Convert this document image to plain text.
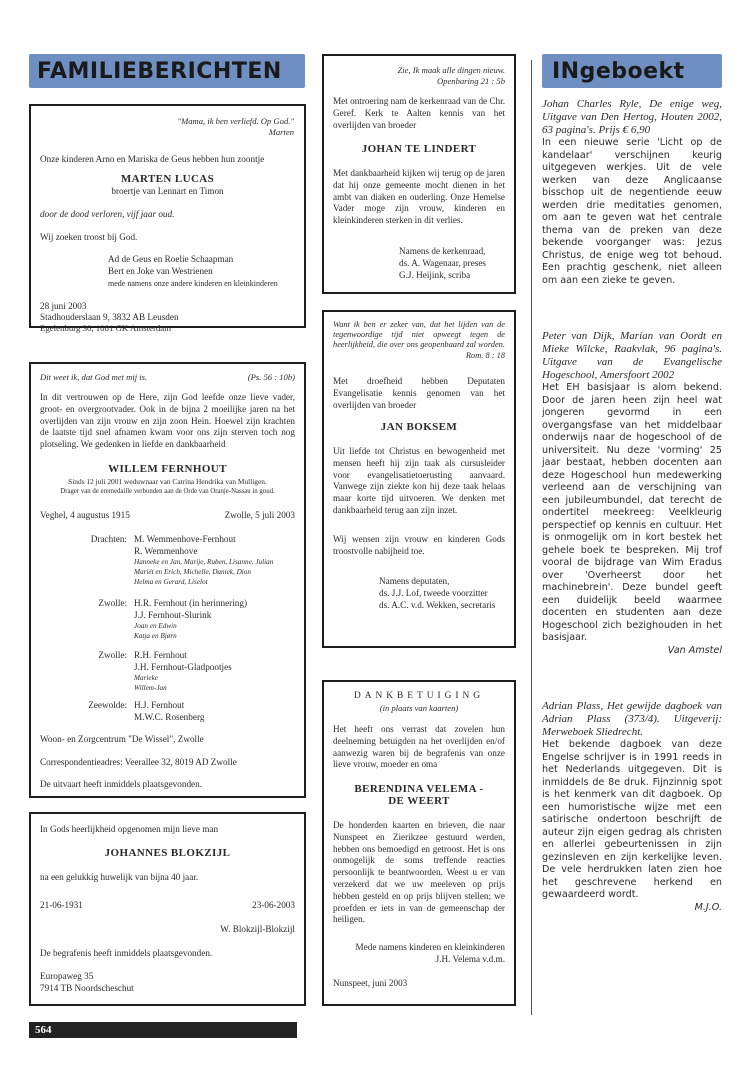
FAMILIEBERICHTEN	INgeboekt
"Mama, ik ben verliefd. Op God."
Marten
Onze kinderen Arno en Mariska de Geus hebben hun zoontje
MARTEN LUCAS
broertje van Lennart en Timon
door de dood verloren, vijf jaar oud.
Wij zoeken troost bij God.
Ad de Geus en Roelie Schaapman
Bert en Joke van Westrienen
mede namens onze andere kinderen en kleinkinderen
28 juni 2003
Stadhouderslaan 9, 3832 AB Leusden
Egelenburg 30, 1081 GK Amsterdam
Dit weet ik, dat God met mij is.	(Ps. 56 : 10b)
In dit vertrouwen op de Here, zijn God leefde onze lieve vader, groot- en overgrootvader. Ook in de bijna 2 moeilijke jaren na het overlijden van zijn vrouw en zijn zoon Hein. Hoewel zijn krachten de laatste tijd snel afnamen kwam voor ons zijn sterven toch nog plotseling. We gedenken in liefde en dankbaarheid
WILLEM FERNHOUT
Sinds 12 juli 2001 weduwnaar van Catrina Hendrika van Mulligen.
Drager van de eremedaille verbonden aan de Orde van Oranje-Nassau in goud.
Veghel, 4 augustus 1915	Zwolle, 5 juli 2003
Drachten: M. Wemmenhove-Fernhout
R. Wemmenhove
Hanneke en Jan, Marije, Ruben, Lisanne, Julian
Mariët en Erich, Michelle, Daniek, Dion
Helma en Gerard, Liselot
Zwolle: H.R. Fernhout (in herinnering)
J.J. Fernhout-Slurink
Joan en Edwin
Katja en Bjørn
Zwolle: R.H. Fernhout
J.H. Fernhout-Gladpootjes
Marieke
Willem-Jan
Zeewolde: H.J. Fernhout
M.W.C. Rosenberg
Woon- en Zorgcentrum "De Wissel", Zwolle
Correspondentieadres: Veerallee 32, 8019 AD Zwolle
De uitvaart heeft inmiddels plaatsgevonden.
In Gods heerlijkheid opgenomen mijn lieve man
JOHANNES BLOKZIJL
na een gelukkig huwelijk van bijna 40 jaar.
21-06-1931	23-06-2003
W. Blokzijl-Blokzijl
De begrafenis heeft inmiddels plaatsgevonden.
Europaweg 35
7914 TB Noordscheschut
Zie, Ik maak alle dingen nieuw.
Openbaring 21 : 5b
Met ontroering nam de kerkenraad van de Chr. Geref. Kerk te Aalten kennis van het overlijden van broeder
JOHAN TE LINDERT
Met dankbaarheid kijken wij terug op de jaren dat hij onze gemeente mocht dienen in het ambt van diaken en ouderling. Onze Hemelse Vader moge zijn vrouw, kinderen en kleinkinderen sterken in dit verlies.
Namens de kerkenraad,
ds. A. Wagenaar, preses
G.J. Heijink, scriba
Want ik ben er zeker van, dat het lijden van de tegenwoordige tijd niet opweegt tegen de heerlijkheid, die over ons geopenbaard zal worden.
Rom. 8 : 18
Met droefheid hebben Deputaten Evangelisatie kennis genomen van het overlijden van broeder
JAN BOKSEM
Uit liefde tot Christus en bewogenheid met mensen heeft hij zijn taak als cursusleider voor evangelisatietoerusting aanvaard. Vanwege zijn ziekte kon hij deze taak helaas maar korte tijd uitvoeren. We denken met dankbaarheid terug aan zijn inzet.
Wij wensen zijn vrouw en kinderen Gods troostvolle nabijheid toe.
Namens deputaten,
ds. J.J. Lof, tweede voorzitter
ds. A.C. v.d. Wekken, secretaris
DANKBETUIGING
(in plaats van kaarten)
Het heeft ons verrast dat zovelen hun deelneming betuigden na het overlijden en/of aanwezig waren bij de begrafenis van onze lieve vrouw, moeder en oma
BERENDINA VELEMA -
DE WEERT
De honderden kaarten en brieven, die naar Nunspeet en Zierikzee gestuurd werden, hebben ons bemoedigd en getroost. Het is ons onmogelijk de soms treffende reacties persoonlijk te beantwoorden. Weest u er van verzekerd dat we uw meeleven op prijs hebben gesteld en op prijs blijven stellen; we proefden er iets in van de gemeenschap der heiligen.
Mede namens kinderen en kleinkinderen
J.H. Velema v.d.m.
Nunspeet, juni 2003
Johan Charles Ryle, De enige weg, Uitgave van Den Hertog, Houten 2002, 63 pagina's. Prijs € 6,90
In een nieuwe serie 'Licht op de kandelaar' verschijnen keurig uitgegeven werkjes. Uit de vele werken van deze Anglicaanse bisschop uit de negentiende eeuw werden drie meditaties genomen, om aan te geven wat het centrale thema van de preken van deze bekende voorganger was: Jezus Christus, de enige weg tot behoud. Een prachtig geschenk, niet alleen om aan een zieke te geven.
Peter van Dijk, Marian van Oordt en Mieke Wilcke, Raakvlak, 96 pagina's. Uitgave van de Evangelische Hogeschool, Amersfoort 2002
Het EH basisjaar is alom bekend. Door de jaren heen zijn heel wat jongeren gevormd in een overgangsfase van het middelbaar onderwijs naar de hogeschool of de universiteit. Nu deze 'vorming' 25 jaar bestaat, hebben docenten aan deze Hogeschool hun medewerking verleend aan de verschijning van een jubileumbundel, dat terecht de ondertitel meekreeg: Veelkleurig perspectief op kennis en cultuur. Het is onmogelijk om in kort bestek het gehele boek te bespreken. Mij trof vooral de bijdrage van Wim Eradus over 'Overheerst door het machinebrein'. Deze bundel geeft een duidelijk beeld waarmee docenten en studenten aan deze Hogeschool zich bezighouden in het basisjaar.
Van Amstel
Adrian Plass, Het gewijde dagboek van Adrian Plass (373/4). Uitgeverij: Merweboek Sliedrecht.
Het bekende dagboek van deze Engelse schrijver is in 1991 reeds in het Nederlands uitgegeven. Dit is inmiddels de 8e druk. Fijnzinnig spot is het kenmerk van dit dagboek. Op een humoristische wijze met een satirische ondertoon beschrijft de auteur zijn eigen gedrag als christen en allerlei gebeurtenissen in zijn gezinsleven en zijn kerkelijke leven. De vele herdrukken laten zien hoe het geschrevene herkend en gewaardeerd wordt.
M.J.O.
564
